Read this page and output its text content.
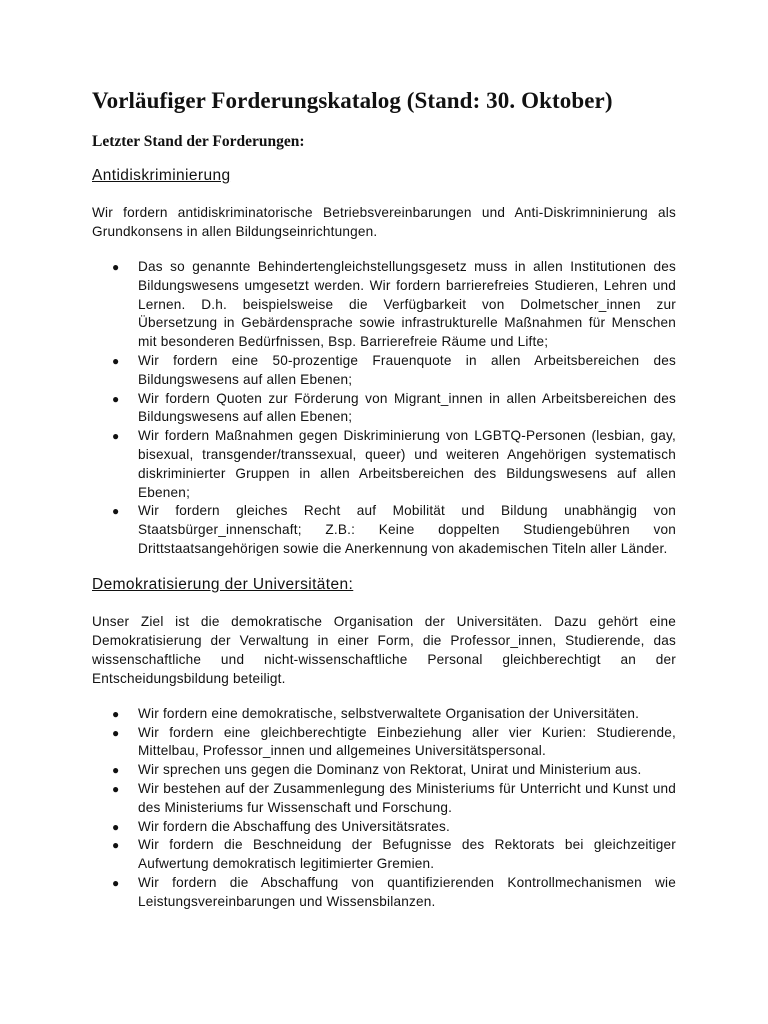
Vorläufiger Forderungskatalog (Stand: 30. Oktober)
Letzter Stand der Forderungen:
Antidiskriminierung

Wir fordern antidiskriminatorische Betriebsvereinbarungen und Anti-Diskrimninierung als Grundkonsens in allen Bildungseinrichtungen.

● Das so genannte Behindertengleichstellungsgesetz muss in allen Institutionen des Bildungswesens umgesetzt werden. Wir fordern barrierefreies Studieren, Lehren und Lernen. D.h. beispielsweise die Verfügbarkeit von Dolmetscher_innen zur Übersetzung in Gebärdensprache sowie infrastrukturelle Maßnahmen für Menschen mit besonderen Bedürfnissen, Bsp. Barrierefreie Räume und Lifte;
● Wir fordern eine 50-prozentige Frauenquote in allen Arbeitsbereichen des Bildungswesens auf allen Ebenen;
● Wir fordern Quoten zur Förderung von Migrant_innen in allen Arbeitsbereichen des Bildungswesens auf allen Ebenen;
● Wir fordern Maßnahmen gegen Diskriminierung von LGBTQ-Personen (lesbian, gay, bisexual, transgender/transsexual, queer) und weiteren Angehörigen systematisch diskriminierter Gruppen in allen Arbeitsbereichen des Bildungswesens auf allen Ebenen;
● Wir fordern gleiches Recht auf Mobilität und Bildung unabhängig von Staatsbürger_innenschaft; Z.B.: Keine doppelten Studiengebühren von Drittstaatsangehörigen sowie die Anerkennung von akademischen Titeln aller Länder.
Demokratisierung der Universitäten:

Unser Ziel ist die demokratische Organisation der Universitäten. Dazu gehört eine Demokratisierung der Verwaltung in einer Form, die Professor_innen, Studierende, das wissenschaftliche und nicht-wissenschaftliche Personal gleichberechtigt an der Entscheidungsbildung beteiligt.

● Wir fordern eine demokratische, selbstverwaltete Organisation der Universitäten.
● Wir fordern eine gleichberechtigte Einbeziehung aller vier Kurien: Studierende, Mittelbau, Professor_innen und allgemeines Universitätspersonal.
● Wir sprechen uns gegen die Dominanz von Rektorat, Unirat und Ministerium aus.
● Wir bestehen auf der Zusammenlegung des Ministeriums für Unterricht und Kunst und des Ministeriums fur Wissenschaft und Forschung.
● Wir fordern die Abschaffung des Universitätsrates.
● Wir fordern die Beschneidung der Befugnisse des Rektorats bei gleichzeitiger Aufwertung demokratisch legitimierter Gremien.
● Wir fordern die Abschaffung von quantifizierenden Kontrollmechanismen wie Leistungsvereinbarungen und Wissensbilanzen.
